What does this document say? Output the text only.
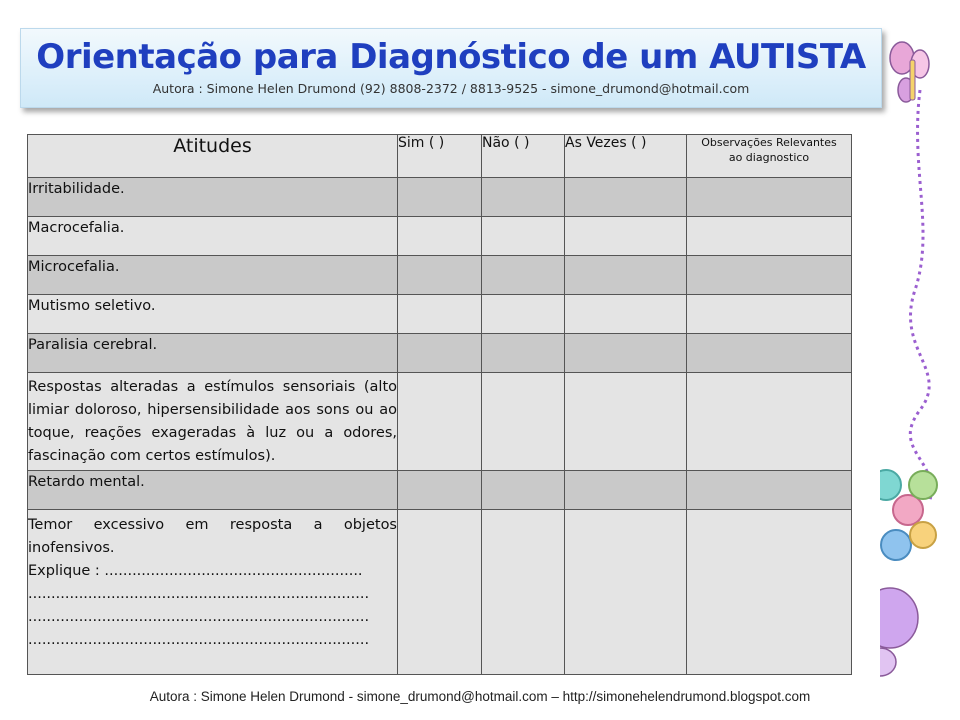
Orientação para Diagnóstico de um AUTISTA
Autora : Simone Helen Drumond (92) 8808-2372 / 8813-9525 - simone_drumond@hotmail.com
Atitudes	Sim ( )	Não ( )	As Vezes ( )	Observações Relevantes
ao diagnostico

Irritabilidade.				
Macrocefalia.				
Microcefalia.				
Mutismo seletivo.				
Paralisia cerebral.				
Respostas alteradas a estímulos sensoriais (alto limiar doloroso, hipersensibilidade aos sons ou ao toque, reações exageradas à luz ou a odores, fascinação com certos estímulos).				
Retardo mental.				

Temor excessivo em resposta a objetos inofensivos.
Explique : ........................................................
..........................................................................
..........................................................................
..........................................................................				

Autora : Simone Helen Drumond - simone_drumond@hotmail.com – http://simonehelendrumond.blogspot.com
